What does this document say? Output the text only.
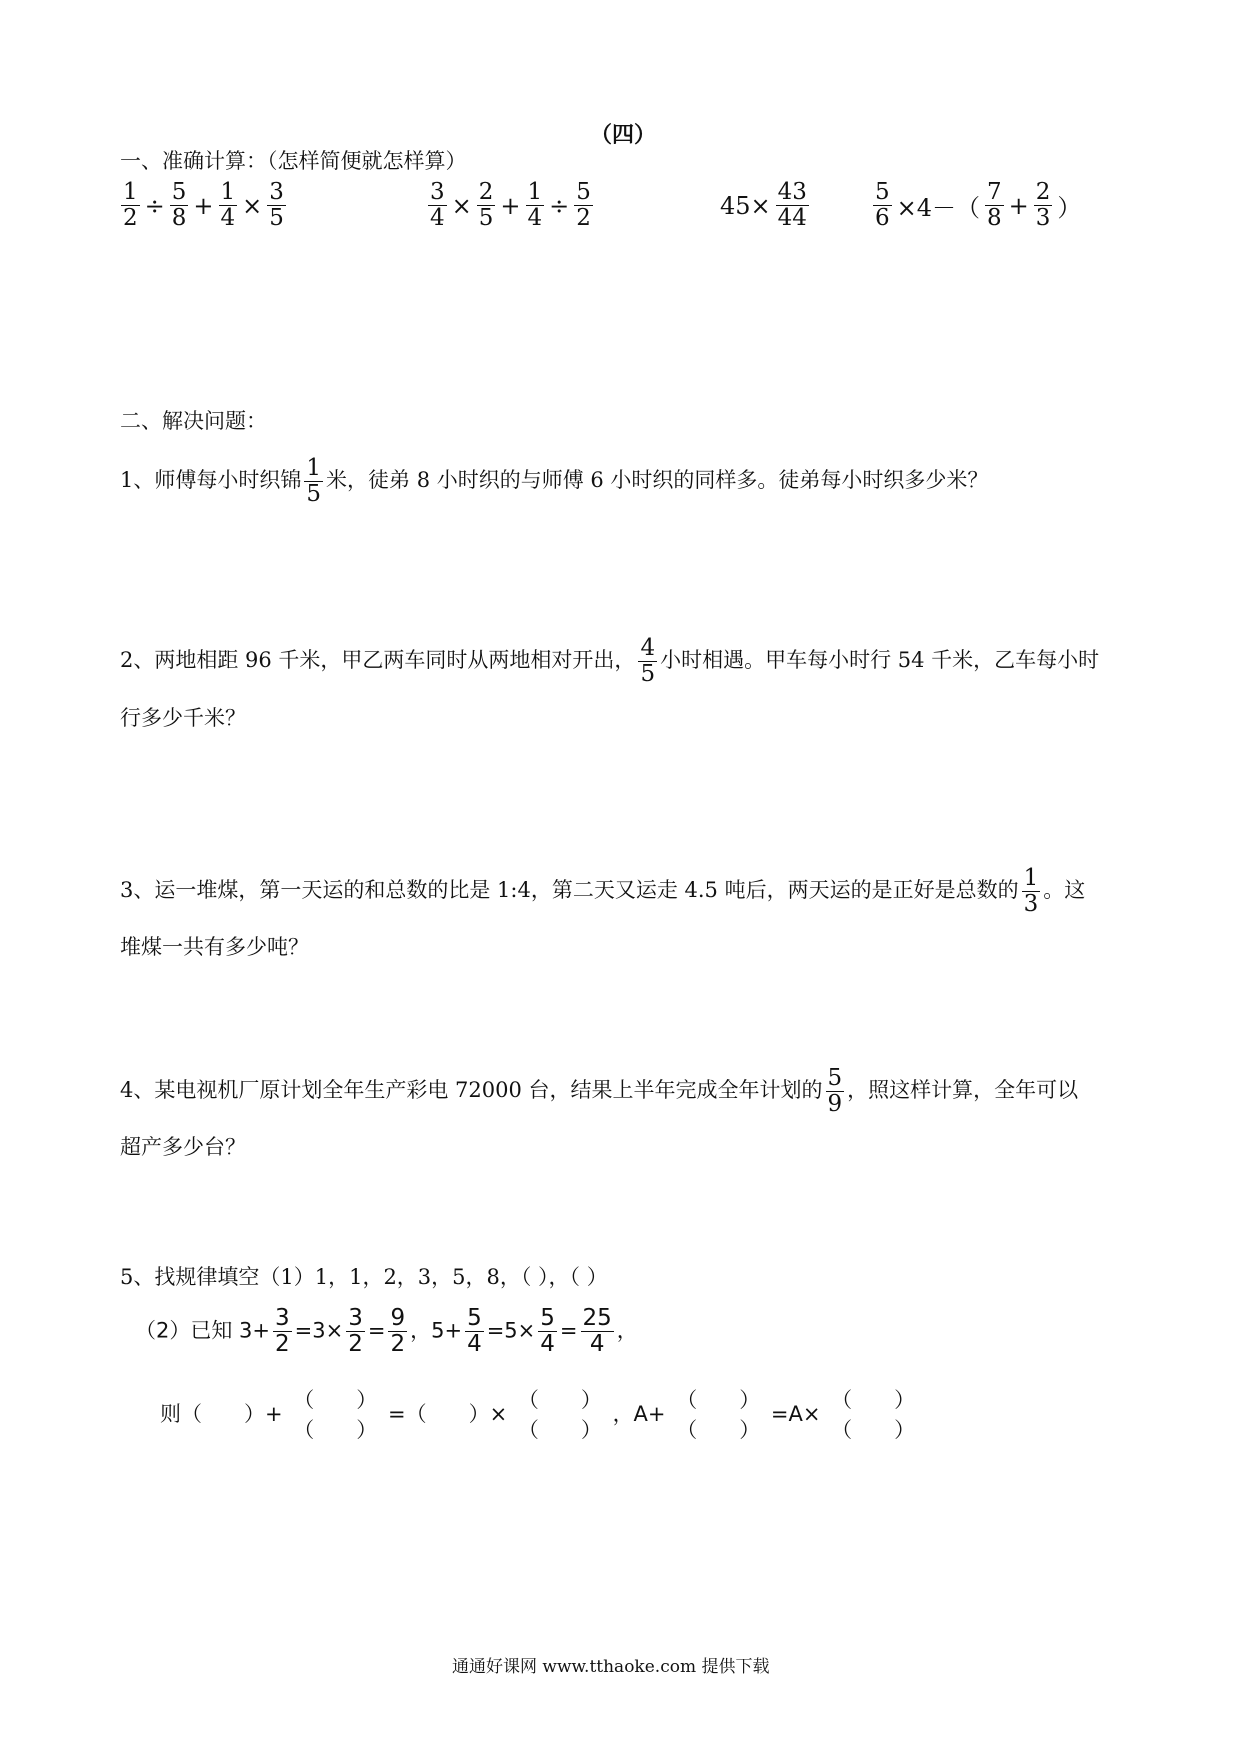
（四）
一、准确计算：（怎样简便就怎样算）
$\frac{1}{2} \div \frac{5}{8} + \frac{1}{4} \times \frac{3}{5}$	$\frac{3}{4} \times \frac{2}{5} + \frac{1}{4} \div \frac{5}{2}$	$45\times \frac{43}{44}$	$\frac{5}{6} \times 4-( \frac{7}{8} + \frac{2}{3}$ ）
二、解决问题：
1、师傅每小时织锦 $\frac{1}{5}$ 米，徒弟 8 小时织的与师傅 6 小时织的同样多。徒弟每小时织多少米？
2、两地相距 96 千米，甲乙两车同时从两地相对开出， $\frac{4}{5}$ 小时相遇。甲车每小时行 54 千米，乙车每小时
行多少千米？
3、运一堆煤，第一天运的和总数的比是 1:4，第二天又运走 4.5 吨后，两天运的是正好是总数的 $\frac{1}{3}$ 。这
堆煤一共有多少吨？
4、某电视机厂原计划全年生产彩电 72000 台，结果上半年完成全年计划的 $\frac{5}{9}$ ，照这样计算，全年可以
超产多少台？
5、找规律填空（1）1，1，2，3，5，8，（ ），（ ）
（2）已知 $3+ \frac{3}{2} =3\times \frac{3}{2} = \frac{9}{2}$ ，$5+ \frac{5}{4} =5\times \frac{5}{4} = \frac{25}{4}$ ，
则（　　）+
（　　）
（　　）
=（　　）×
（　　）
（　　）
，A+
（　　）
（　　）
=A×
（　　）
（　　）
通通好课网 www.tthaoke.com 提供下载
